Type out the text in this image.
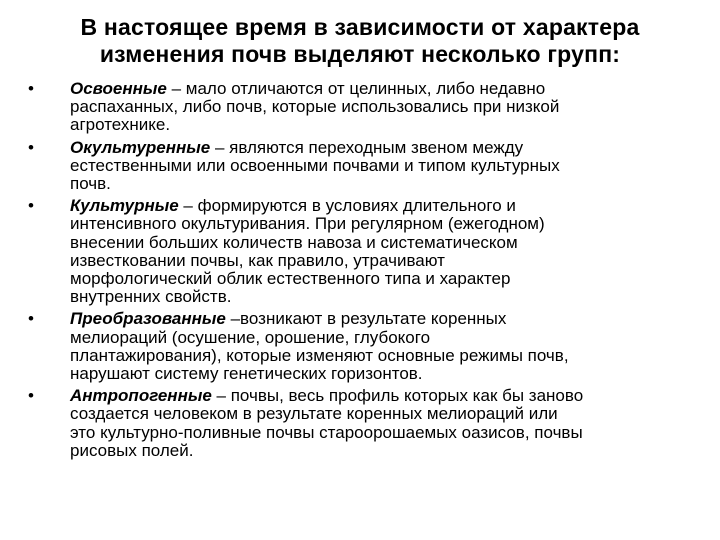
В настоящее время в зависимости от характера
изменения почв выделяют несколько групп:
•	Освоенные – мало отличаются от целинных, либо недавно
распаханных, либо почв, которые использовались при низкой
агротехнике.
•	Окультуренные – являются переходным звеном между
естественными или освоенными почвами и типом культурных
почв.
•	Культурные – формируются в условиях длительного и
интенсивного окультуривания. При регулярном (ежегодном)
внесении больших количеств навоза и систематическом
известковании почвы, как правило, утрачивают
морфологический облик естественного типа и характер
внутренних свойств.
•	Преобразованные –возникают в результате коренных
мелиораций (осушение, орошение, глубокого
плантажирования), которые изменяют основные режимы почв,
нарушают систему генетических горизонтов.
•	Антропогенные – почвы, весь профиль которых как бы заново
создается человеком в результате коренных мелиораций или
это культурно-поливные почвы староорошаемых оазисов, почвы
рисовых полей.
